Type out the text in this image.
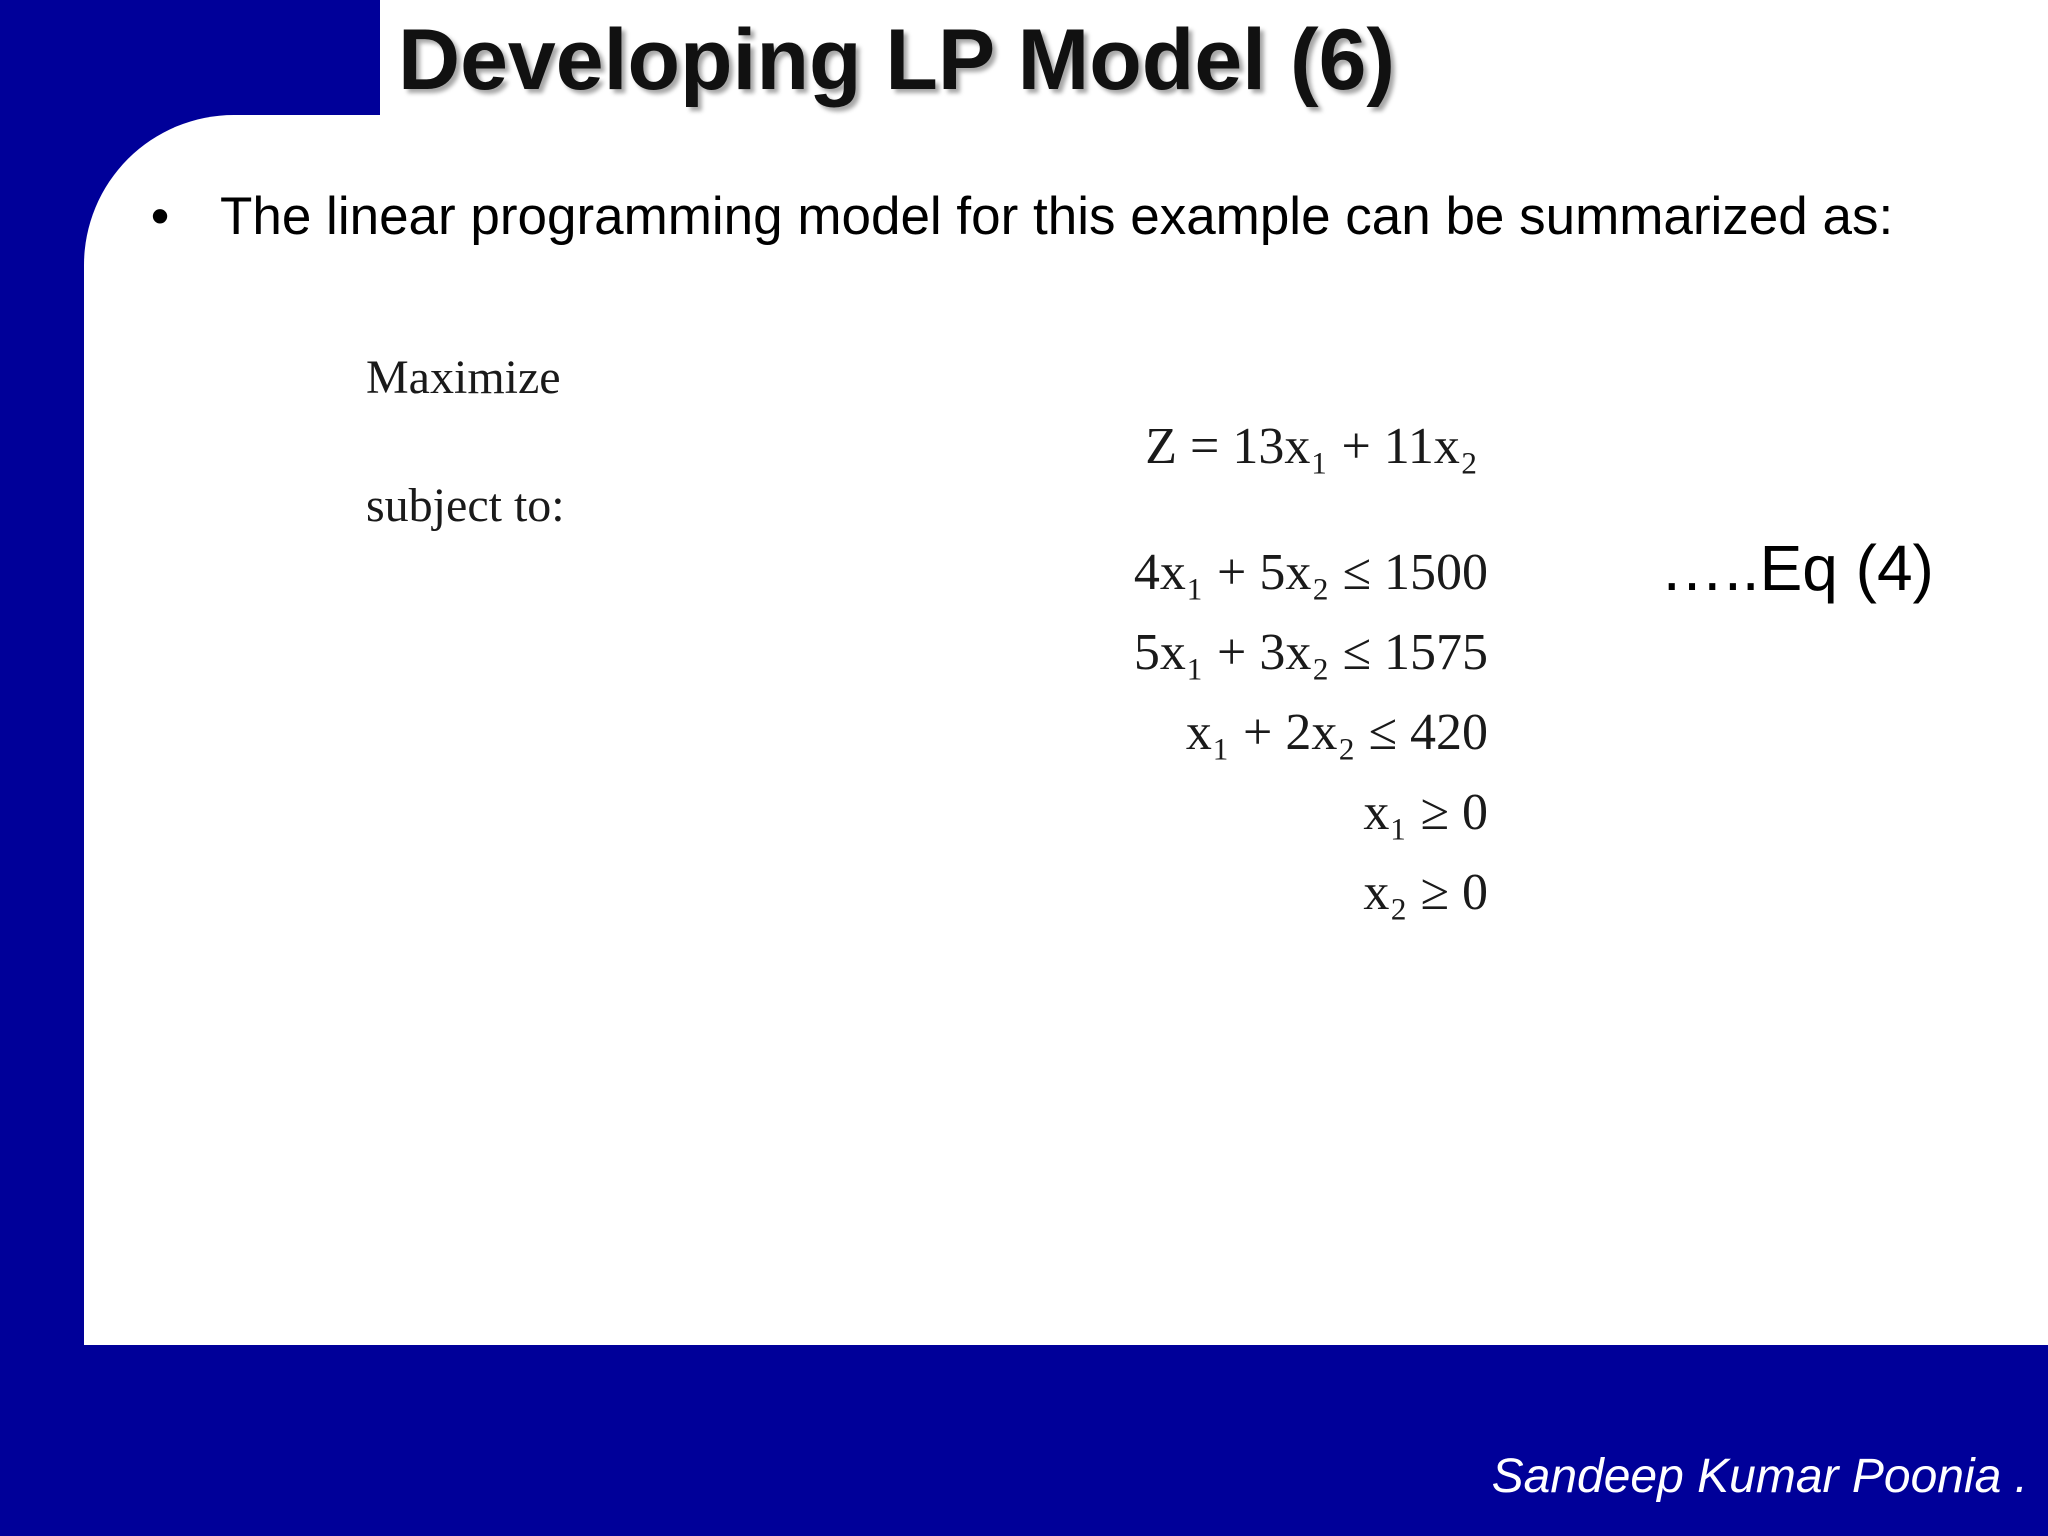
Developing LP Model (6)
• The linear programming model for this example can be summarized as:
Maximize
subject to:
Z = 13x₁ + 11x₂
4x₁ + 5x₂ ≤ 1500
5x₁ + 3x₂ ≤ 1575
x₁ + 2x₂ ≤ 420
x₁ ≥ 0
x₂ ≥ 0
…..Eq (4)
Sandeep Kumar Poonia .
